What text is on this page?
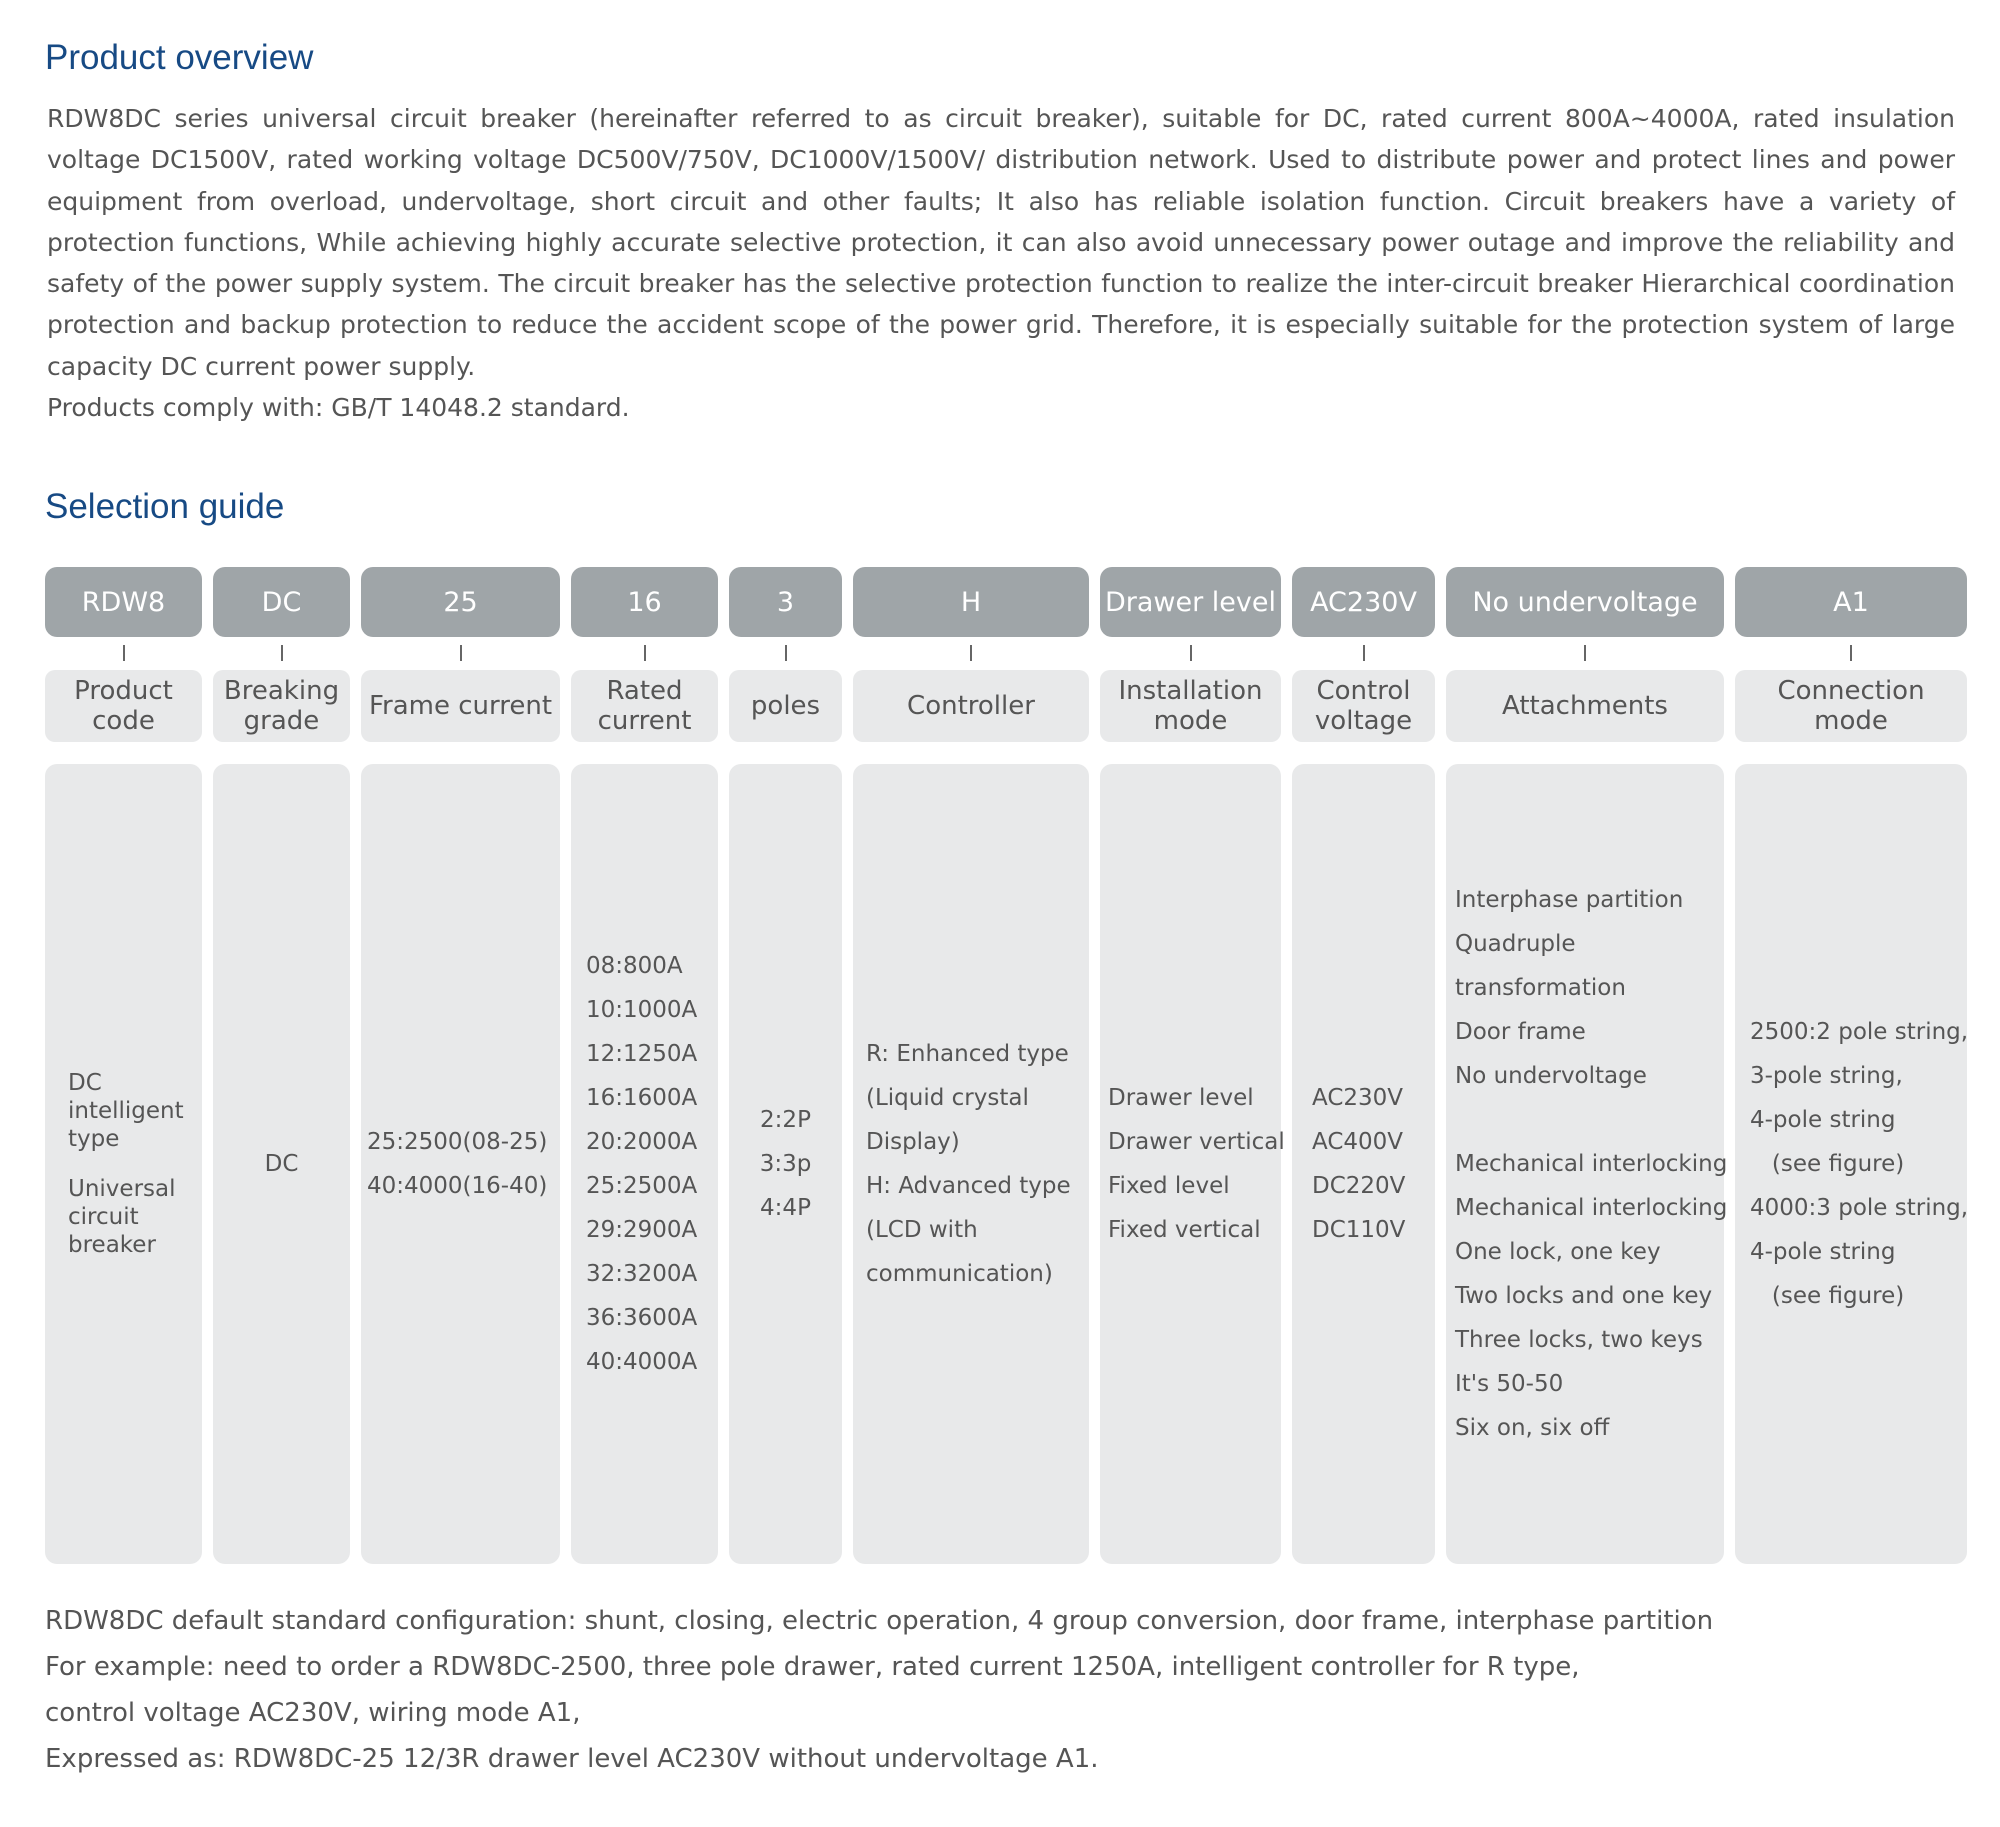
Product overview

RDW8DC series universal circuit breaker (hereinafter referred to as circuit breaker), suitable for DC, rated current 800A~4000A, rated insulation voltage DC1500V, rated working voltage DC500V/750V, DC1000V/1500V/ distribution network. Used to distribute power and protect lines and power equipment from overload, undervoltage, short circuit and other faults; It also has reliable isolation function. Circuit breakers have a variety of protection functions, While achieving highly accurate selective protection, it can also avoid unnecessary power outage and improve the reliability and safety of the power supply system. The circuit breaker has the selective protection function to realize the inter-circuit breaker Hierarchical coordination protection and backup protection to reduce the accident scope of the power grid. Therefore, it is especially suitable for the protection system of large capacity DC current power supply.

Products comply with: GB/T 14048.2 standard.

Selection guide
RDW8
Product code
DC
intelligent
type
Universal
circuit
breaker
DC
Breaking grade
DC
25
Frame current
25:2500(08-25)
40:4000(16-40)
16
Rated current
08:800A
10:1000A
12:1250A
16:1600A
20:2000A
25:2500A
29:2900A
32:3200A
36:3600A
40:4000A
3
poles
2:2P
3:3p
4:4P
H
Controller
R: Enhanced type
(Liquid crystal
Display)
H: Advanced type
(LCD with
communication)
Drawer level
Installation mode
Drawer level
Drawer vertical
Fixed level
Fixed vertical
AC230V
Control voltage
AC230V
AC400V
DC220V
DC110V
No undervoltage
Attachments
Interphase partition
Quadruple
transformation
Door frame
No undervoltage
Mechanical interlocking
Mechanical interlocking
One lock, one key
Two locks and one key
Three locks, two keys
It's 50-50
Six on, six off
A1
Connection mode
2500:2 pole string,
3-pole string,
4-pole string
(see figure)
4000:3 pole string,
4-pole string
(see figure)

RDW8DC default standard configuration: shunt, closing, electric operation, 4 group conversion, door frame, interphase partition

For example: need to order a RDW8DC-2500, three pole drawer, rated current 1250A, intelligent controller for R type,

control voltage AC230V, wiring mode A1,

Expressed as: RDW8DC-25 12/3R drawer level AC230V without undervoltage A1.
